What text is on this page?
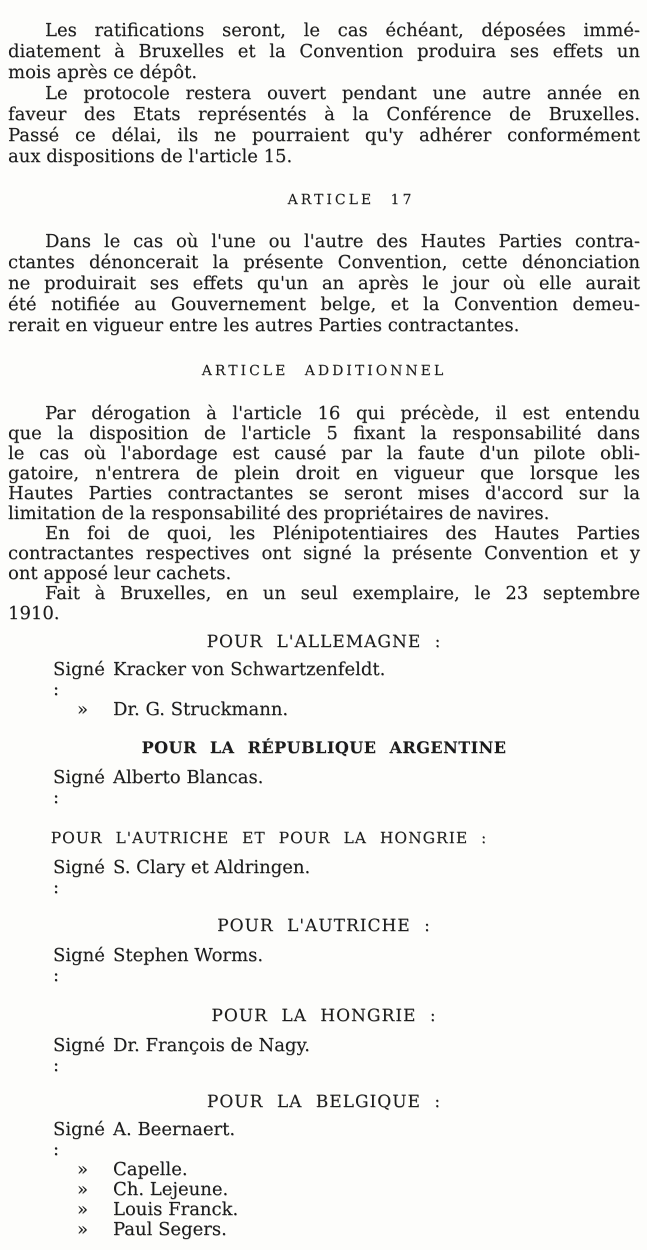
Les ratifications seront, le cas échéant, déposées immé-
diatement à Bruxelles et la Convention produira ses effets un
mois après ce dépôt.
Le protocole restera ouvert pendant une autre année en
faveur des Etats représentés à la Conférence de Bruxelles.
Passé ce délai, ils ne pourraient qu'y adhérer conformément
aux dispositions de l'article 15.
ARTICLE 17
Dans le cas où l'une ou l'autre des Hautes Parties contra-
ctantes dénoncerait la présente Convention, cette dénonciation
ne produirait ses effets qu'un an après le jour où elle aurait
été notifiée au Gouvernement belge, et la Convention demeu-
rerait en vigueur entre les autres Parties contractantes.
ARTICLE ADDITIONNEL
Par dérogation à l'article 16 qui précède, il est entendu
que la disposition de l'article 5 fixant la responsabilité dans
le cas où l'abordage est causé par la faute d'un pilote obli-
gatoire, n'entrera de plein droit en vigueur que lorsque les
Hautes Parties contractantes se seront mises d'accord sur la
limitation de la responsabilité des propriétaires de navires.
En foi de quoi, les Plénipotentiaires des Hautes Parties
contractantes respectives ont signé la présente Convention et y
ont apposé leur cachets.
Fait à Bruxelles, en un seul exemplaire, le 23 septembre
1910.
POUR L'ALLEMAGNE :
Signé :
Kracker von Schwartzenfeldt.
»	Dr. G. Struckmann.
POUR LA RÉPUBLIQUE ARGENTINE
Signé :
Alberto Blancas.
POUR L'AUTRICHE ET POUR LA HONGRIE :
Signé :
S. Clary et Aldringen.
POUR L'AUTRICHE :
Signé :
Stephen Worms.
POUR LA HONGRIE :
Signé :
Dr. François de Nagy.
POUR LA BELGIQUE :
Signé :
A. Beernaert.
»	Capelle.
»	Ch. Lejeune.
»	Louis Franck.
»	Paul Segers.
